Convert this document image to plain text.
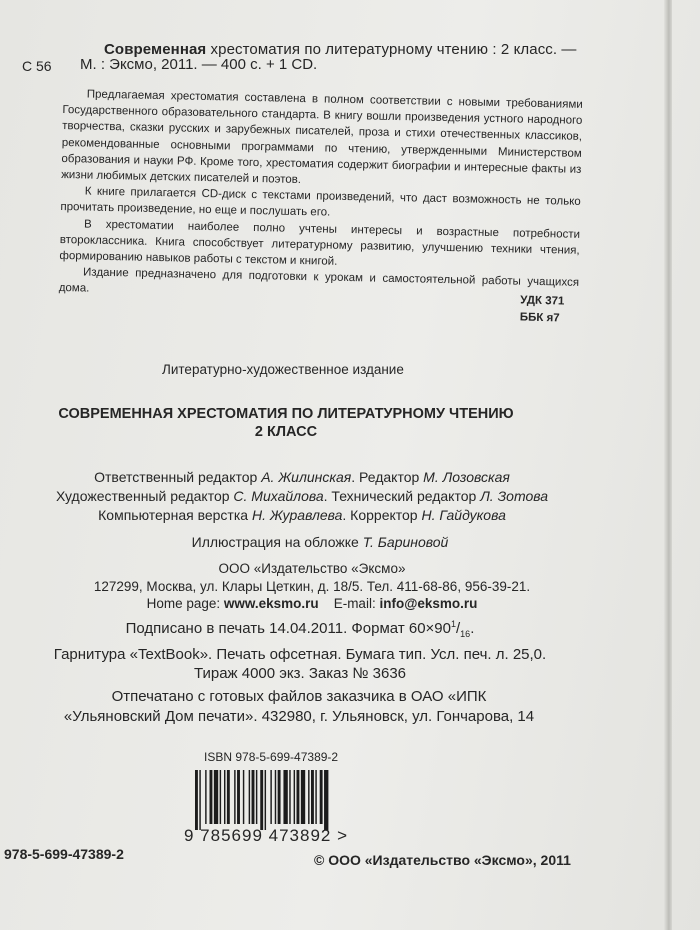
Современная хрестоматия по литературному чтению : 2 класс. —
С 56 М. : Эксмо, 2011. — 400 с. + 1 CD.

Предлагаемая хрестоматия составлена в полном соответствии с новыми требованиями Государственного образовательного стандарта. В книгу вошли произведения устного народного творчества, сказки русских и зарубежных писателей, проза и стихи отечественных классиков, рекомендованные основными программами по чтению, утвержденными Министерством образования и науки РФ. Кроме того, хрестоматия содержит биографии и интересные факты из жизни любимых детских писателей и поэтов.

К книге прилагается CD-диск с текстами произведений, что даст возможность не только прочитать произведение, но еще и послушать его.

В хрестоматии наиболее полно учтены интересы и возрастные потребности второклассника. Книга способствует литературному развитию, улучшению техники чтения, формированию навыков работы с текстом и книгой.

Издание предназначено для подготовки к урокам и самостоятельной работы учащихся дома.

УДК 371
ББК я7
Литературно-художественное издание
СОВРЕМЕННАЯ ХРЕСТОМАТИЯ ПО ЛИТЕРАТУРНОМУ ЧТЕНИЮ
2 КЛАСС
Ответственный редактор А. Жилинская. Редактор М. Лозовская
Художественный редактор С. Михайлова. Технический редактор Л. Зотова
Компьютерная верстка Н. Журавлева. Корректор Н. Гайдукова
Иллюстрация на обложке Т. Бариновой
ООО «Издательство «Эксмо»
127299, Москва, ул. Клары Цеткин, д. 18/5. Тел. 411-68-86, 956-39-21.
Home page: www.eksmo.ru E-mail: info@eksmo.ru
Подписано в печать 14.04.2011. Формат $60\times 90^1/_{16}$.
Гарнитура «TextBook». Печать офсетная. Бумага тип. Усл. печ. л. 25,0.
Тираж 4000 экз. Заказ № 3636
Отпечатано с готовых файлов заказчика в ОАО «ИПК
«Ульяновский Дом печати». 432980, г. Ульяновск, ул. Гончарова, 14
ISBN 978-5-699-47389-2
9 785699 473892 >
978-5-699-47389-2	© ООО «Издательство «Эксмо», 2011
